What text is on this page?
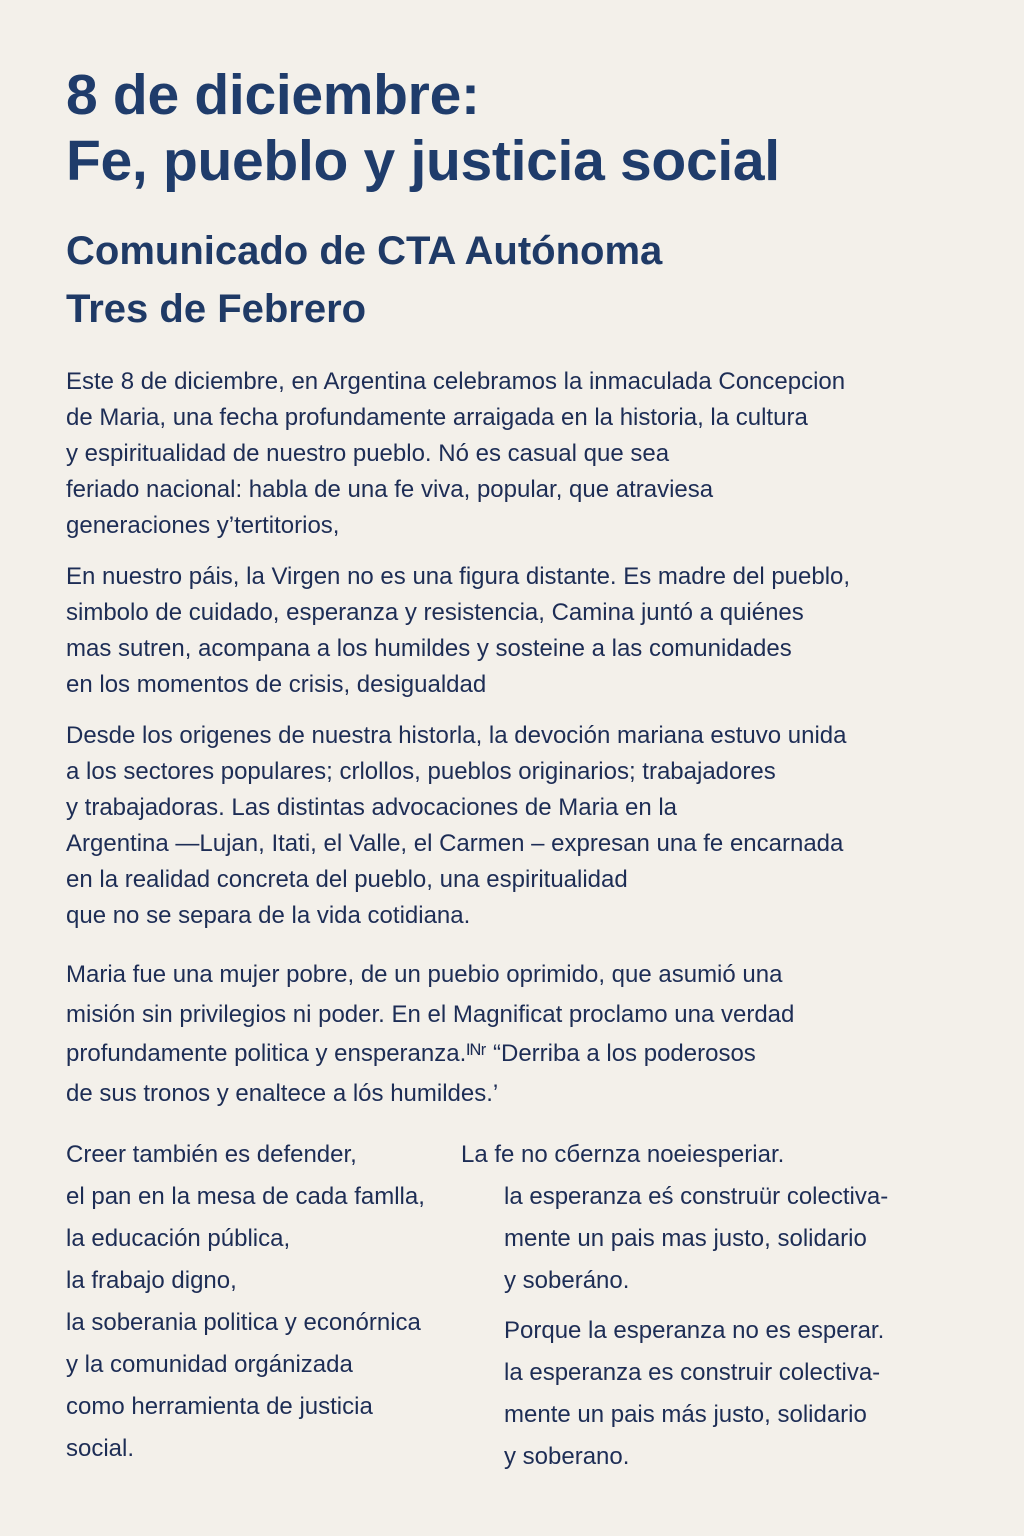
8 de diciembre:
Fe, pueblo y justicia social
Comunicado de CTA Autónoma
Tres de Febrero

Este 8 de diciembre, en Argentina celebramos la inmaculada Concepcion
de Maria, una fecha profundamente arraigada en la historia, la cultura
y espiritualidad de nuestro pueblo. Nó es casual que sea
feriado nacional: habla de una fe viva, popular, que atraviesa
generaciones y’tertitorios,

En nuestro páis, la Virgen no es una figura distante. Es madre del pueblo,
simbolo de cuidado, esperanza y resistencia, Camina juntó a quiénes
mas sutren, acompana a los humildes y sosteine a las comunidades
en los momentos de crisis, desigualdad

Desde los origenes de nuestra historla, la devoción mariana estuvo unida
a los sectores populares; crlollos, pueblos originarios; trabajadores
y trabajadoras. Las distintas advocaciones de Maria en la
Argentina —Lujan, Itati, el Valle, el Carmen – expresan una fe encarnada
en la realidad concreta del pueblo, una espiritualidad
que no se separa de la vida cotidiana.

Maria fue una mujer pobre, de un puebio oprimido, que asumió una
misión sin privilegios ni poder. En el Magnificat proclamo una verdad
profundamente politica y ensperanza.ᴵᴺʳ “Derriba a los poderosos
de sus tronos y enaltece a lós humildes.’

Creer también es defender,
el pan en la mesa de cada famlla,
la educación pública,
la frabajo digno,
la soberania politica y econórnica
y la comunidad orgánizada
como herramienta de justicia
social.
La fe no cбernza noeiesperiar.
la esperanza eś construür colectiva-
mente un pais mas justo, solidario
y soberáno.
Porque la esperanza no es esperar.
la esperanza es construir colectiva-
mente un pais más justo, solidario
y soberano.
